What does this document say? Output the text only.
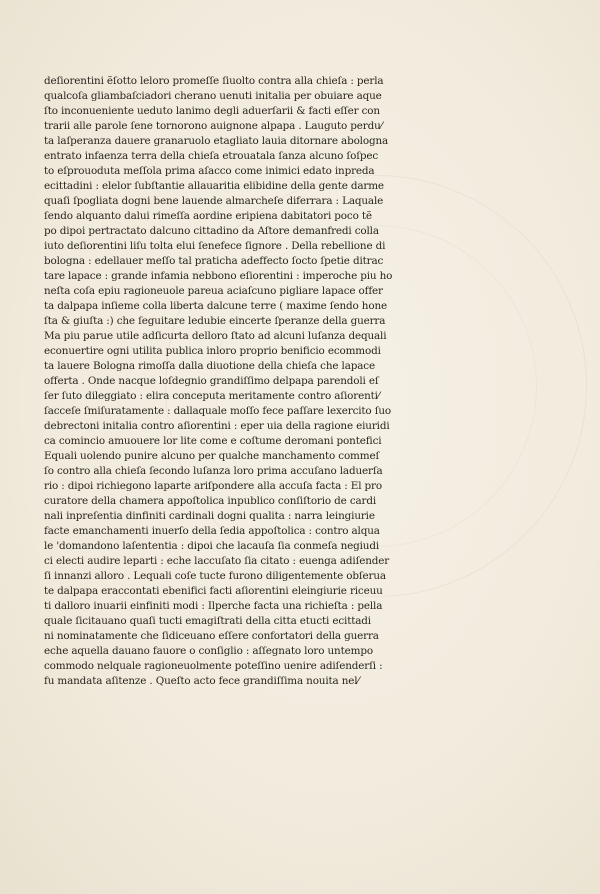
deſiorentini ẽſotto leloro promeſſe ſiuolto contra alla chieſa : perla
qualcoſa gliambaſciadori cherano uenuti initalia per obuiare aque
ſto inconueniente ueduto lanimo degli aduerſarii & facti eſſer con
trarii alle parole ſene tornorono auignone alpapa . Lauguto perdu⁄
ta laſperanza dauere granaruolo etagliato lauia ditornare abologna
entrato infaenza terra della chieſa etrouatala ſanza alcuno ſoſpec
to eſprouoduta meſſola prima aſacco come inimici edato inpreda
ecittadini : elelor ſubſtantie allauaritia elibidine della gente darme
quaſi ſpogliata dogni bene lauende almarcheſe diferrara : Laquale
ſendo alquanto dalui rimeſſa aordine eripiena dabitatori poco tẽ
po dipoi pertractato dalcuno cittadino da Aſtore demanfredi colla
iuto deſiorentini liſu tolta elui ſenefece ſignore . Della rebellione di
bologna : edellauer meſſo tal praticha adeffecto ſocto ſpetie ditrac
tare lapace : grande infamia nebbono eſiorentini : imperoche piu ho
neſta coſa epiu ragioneuole pareua aciaſcuno pigliare lapace offer
ta dalpapa inſieme colla liberta dalcune terre ( maxime ſendo hone
ſta & giuſta :) che ſeguitare ledubie eincerte ſperanze della guerra
Ma piu parue utile adſicurta delloro ſtato ad alcuni luſanza dequali
econuertire ogni utilita publica inloro proprio benificio ecommodi
ta lauere Bologna rimoſſa dalla diuotione della chieſa che lapace
offerta . Onde nacque loſdegnio grandiſſimo delpapa parendoli eſ
ſer ſuto dileggiato : elira conceputa meritamente contro aſiorenti⁄
ſacceſe ſmiſuratamente : dallaquale moſſo fece paſſare lexercito ſuo
debrectoni initalia contro aſiorentini : eper uia della ragione eiuridi
ca comincio amuouere lor lite come e coſtume deromani pontefici
Equali uolendo punire alcuno per qualche manchamento commeſ
ſo contro alla chieſa ſecondo luſanza loro prima accuſano laduerſa
rio : dipoi richiegono laparte ariſpondere alla accuſa facta : El pro
curatore della chamera appoſtolica inpublico conſiſtorio de cardi
nali inpreſentia dinfiniti cardinali dogni qualita : narra leingiurie
facte emanchamenti inuerſo della ſedia appoſtolica : contro alqua
le 'domandono laſententia : dipoi che lacauſa ſia conmeſa negiudi
ci electi audire leparti : eche laccuſato ſia citato : euenga adiſender
ſi innanzi alloro . Lequali coſe tucte furono diligentemente obſerua
te dalpapa eraccontati ebenifici facti aſiorentini eleingiurie riceuu
ti dalloro inuarii einfiniti modi : Ilperche facta una richieſta : pella
quale ſicitauano quaſi tucti emagiſtrati della citta etucti ecittadi
ni nominatamente che ſidiceuano eſſere confortatori della guerra
eche aquella dauano fauore o conſiglio : aſſegnato loro untempo
commodo nelquale ragioneuolmente poteſſino uenire adiſenderſi :
fu mandata aſitenze . Queſto acto fece grandiſſima nouita nel⁄
